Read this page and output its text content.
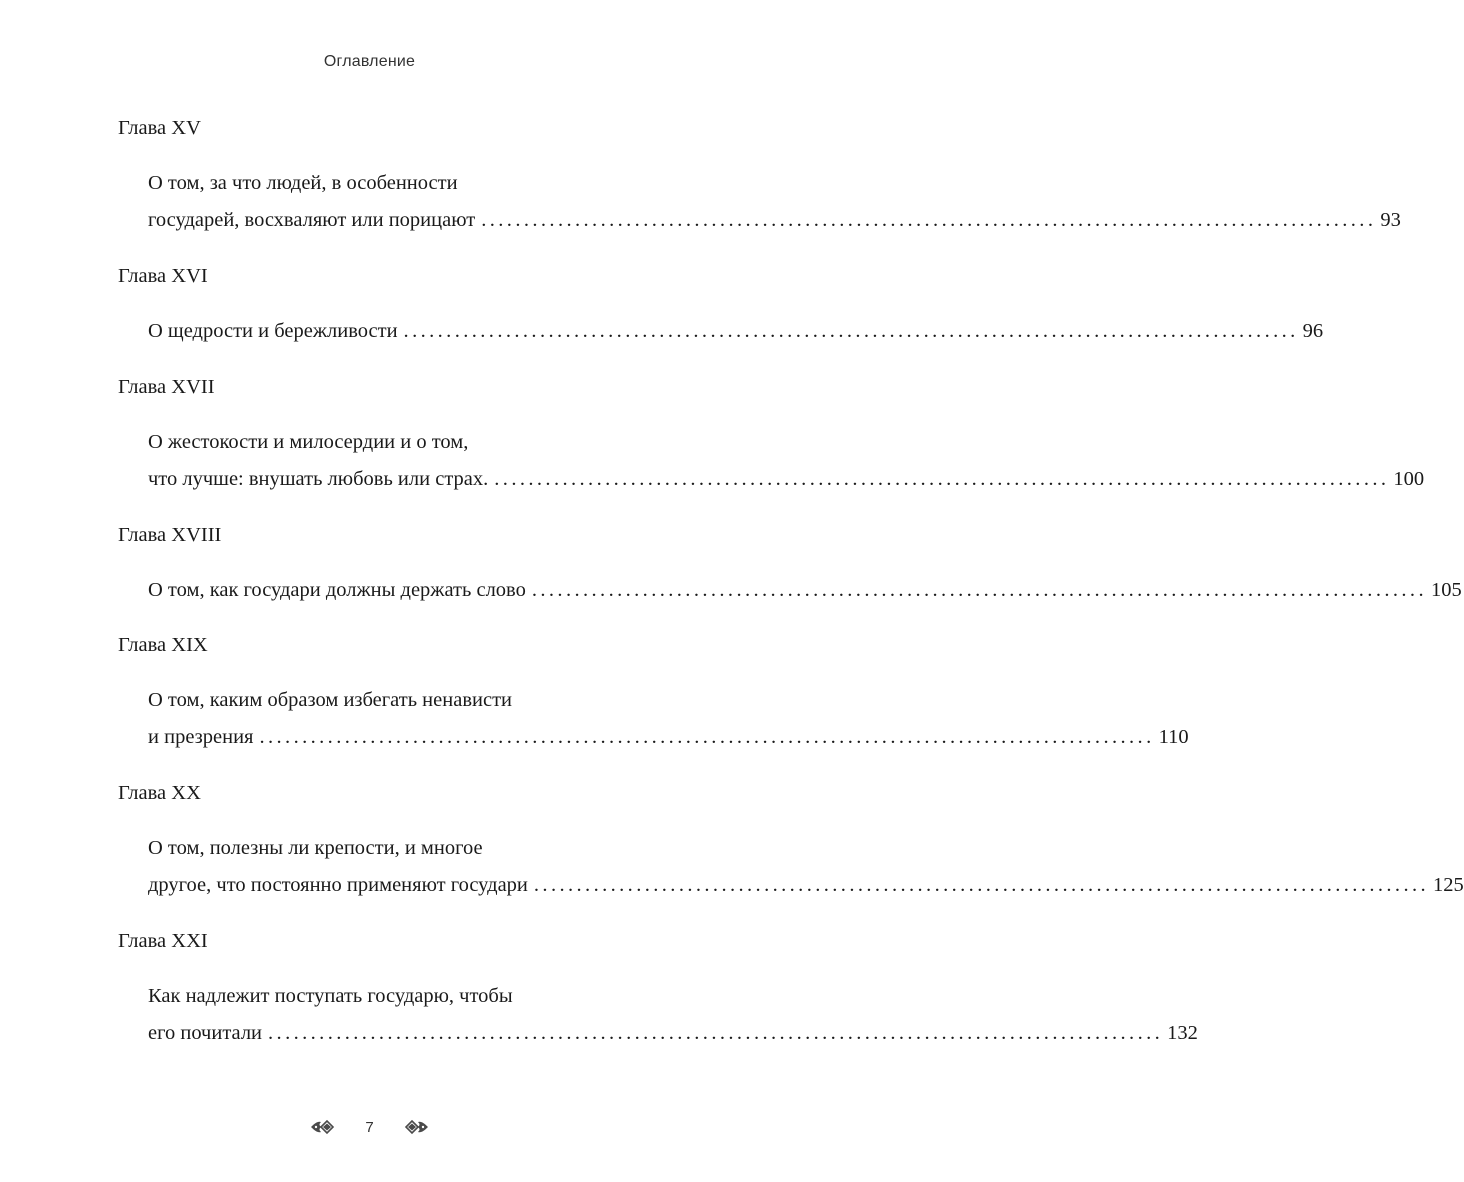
Оглавление
Глава XV
О том, за что людей, в особенности
государей, восхваляют или порицают ......................................................................................................... 93
Глава XVI
О щедрости и бережливости ......................................................................................................... 96
Глава XVII
О жестокости и милосердии и о том,
что лучше: внушать любовь или страх. ......................................................................................................... 100
Глава XVIII
О том, как государи должны держать слово ......................................................................................................... 105
Глава XIX
О том, каким образом избегать ненависти
и презрения ......................................................................................................... 110
Глава XX
О том, полезны ли крепости, и многое
другое, что постоянно применяют государи ......................................................................................................... 125
Глава XXI
Как надлежит поступать государю, чтобы
его почитали ......................................................................................................... 132
7
